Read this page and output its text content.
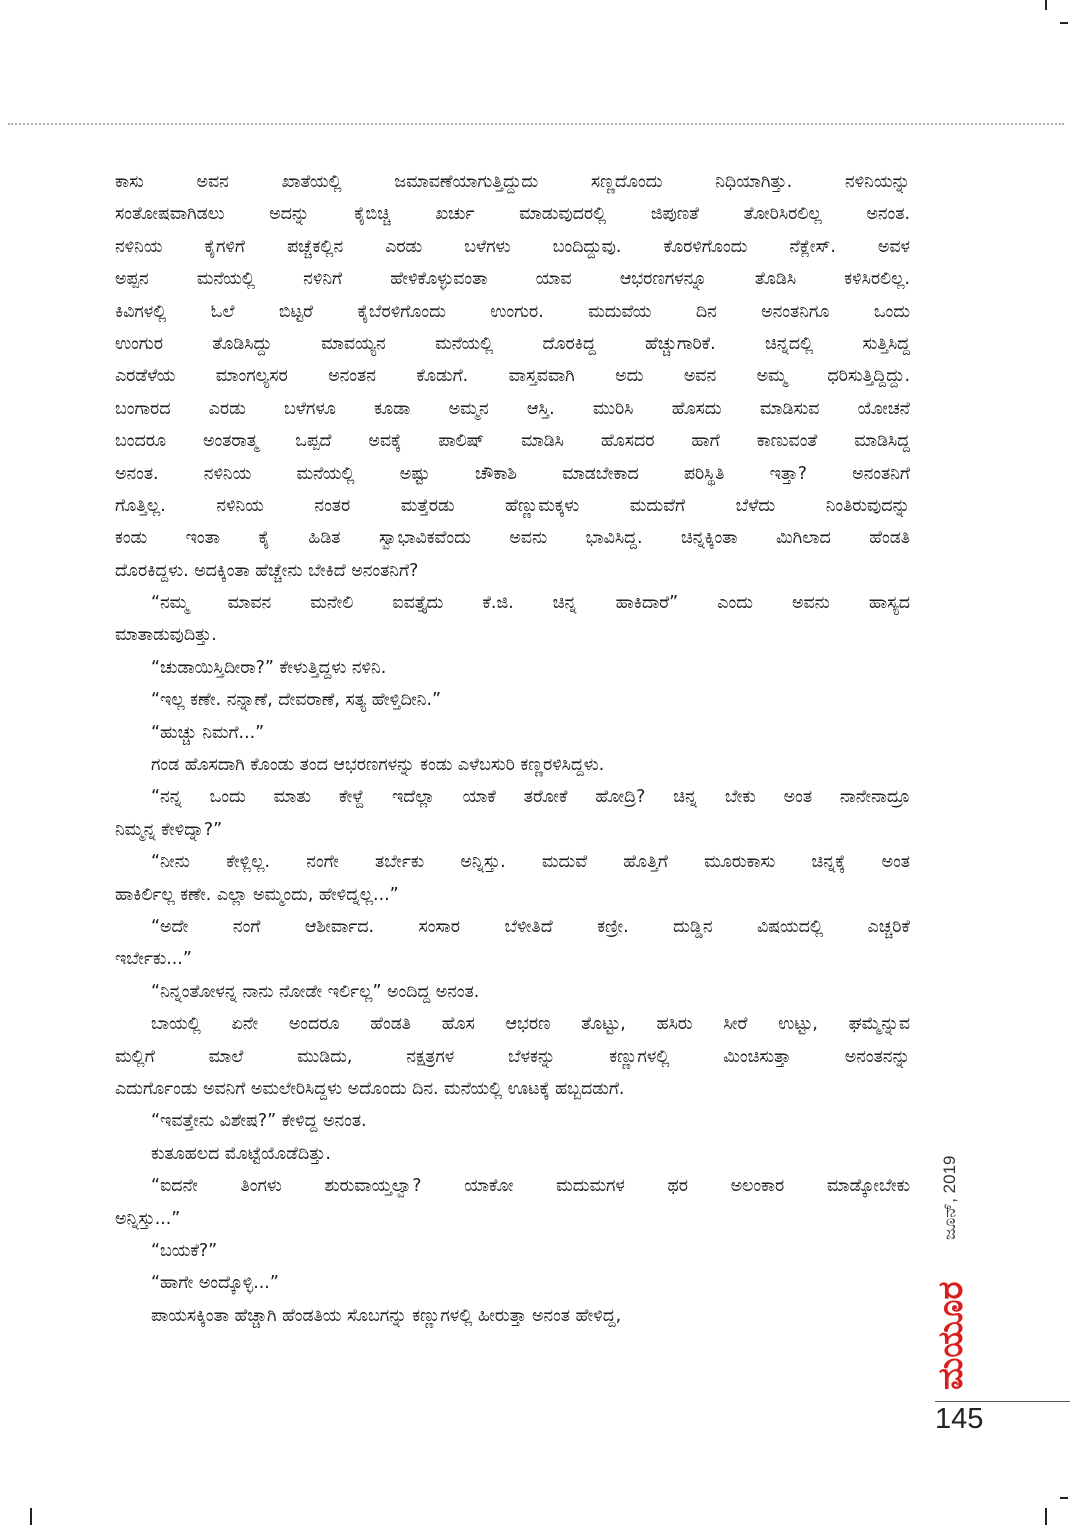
ಕಾಸು ಅವನ ಖಾತೆಯಲ್ಲಿ ಜಮಾವಣೆಯಾಗುತ್ತಿದ್ದುದು ಸಣ್ಣದೊಂದು ನಿಧಿಯಾಗಿತ್ತು. ನಳಿನಿಯನ್ನು
ಸಂತೋಷವಾಗಿಡಲು ಅದನ್ನು ಕೈಬಿಚ್ಚಿ ಖರ್ಚು ಮಾಡುವುದರಲ್ಲಿ ಜಿಪುಣತೆ ತೋರಿಸಿರಲಿಲ್ಲ ಅನಂತ.
ನಳಿನಿಯ ಕೈಗಳಿಗೆ ಪಚ್ಚೆಕಲ್ಲಿನ ಎರಡು ಬಳೆಗಳು ಬಂದಿದ್ದುವು. ಕೊರಳಿಗೊಂದು ನೆಕ್ಲೇಸ್. ಅವಳ
ಅಪ್ಪನ ಮನೆಯಲ್ಲಿ ನಳಿನಿಗೆ ಹೇಳಿಕೊಳ್ಳುವಂತಾ ಯಾವ ಆಭರಣಗಳನ್ನೂ ತೊಡಿಸಿ ಕಳಿಸಿರಲಿಲ್ಲ.
ಕಿವಿಗಳಲ್ಲಿ ಓಲೆ ಬಿಟ್ಟರೆ ಕೈಬೆರಳಿಗೊಂದು ಉಂಗುರ. ಮದುವೆಯ ದಿನ ಅನಂತನಿಗೂ ಒಂದು
ಉಂಗುರ ತೊಡಿಸಿದ್ದು ಮಾವಯ್ಯನ ಮನೆಯಲ್ಲಿ ದೊರಕಿದ್ದ ಹೆಚ್ಚುಗಾರಿಕೆ. ಚಿನ್ನದಲ್ಲಿ ಸುತ್ತಿಸಿದ್ದ
ಎರಡೆಳೆಯ ಮಾಂಗಲ್ಯಸರ ಅನಂತನ ಕೊಡುಗೆ. ವಾಸ್ತವವಾಗಿ ಅದು ಅವನ ಅಮ್ಮ ಧರಿಸುತ್ತಿದ್ದಿದ್ದು.
ಬಂಗಾರದ ಎರಡು ಬಳೆಗಳೂ ಕೂಡಾ ಅಮ್ಮನ ಆಸ್ತಿ. ಮುರಿಸಿ ಹೊಸದು ಮಾಡಿಸುವ ಯೋಚನೆ
ಬಂದರೂ ಅಂತರಾತ್ಮ ಒಪ್ಪದೆ ಅವಕ್ಕೆ ಪಾಲಿಷ್ ಮಾಡಿಸಿ ಹೊಸದರ ಹಾಗೆ ಕಾಣುವಂತೆ ಮಾಡಿಸಿದ್ದ
ಅನಂತ. ನಳಿನಿಯ ಮನೆಯಲ್ಲಿ ಅಷ್ಟು ಚೌಕಾಶಿ ಮಾಡಬೇಕಾದ ಪರಿಸ್ಥಿತಿ ಇತ್ತಾ? ಅನಂತನಿಗೆ
ಗೊತ್ತಿಲ್ಲ. ನಳಿನಿಯ ನಂತರ ಮತ್ತೆರಡು ಹೆಣ್ಣುಮಕ್ಕಳು ಮದುವೆಗೆ ಬೆಳೆದು ನಿಂತಿರುವುದನ್ನು
ಕಂಡು ಇಂತಾ ಕೈ ಹಿಡಿತ ಸ್ವಾಭಾವಿಕವೆಂದು ಅವನು ಭಾವಿಸಿದ್ದ. ಚಿನ್ನಕ್ಕಿಂತಾ ಮಿಗಿಲಾದ ಹೆಂಡತಿ
ದೊರಕಿದ್ದಳು. ಅದಕ್ಕಿಂತಾ ಹೆಚ್ಚೇನು ಬೇಕಿದೆ ಅನಂತನಿಗೆ?
“ನಮ್ಮ ಮಾವನ ಮನೇಲಿ ಐವತ್ತೈದು ಕೆ.ಜಿ. ಚಿನ್ನ ಹಾಕಿದಾರೆ” ಎಂದು ಅವನು ಹಾಸ್ಯದ
ಮಾತಾಡುವುದಿತ್ತು.
“ಚುಡಾಯಿಸ್ತಿದೀರಾ?” ಕೇಳುತ್ತಿದ್ದಳು ನಳಿನಿ.
“ಇಲ್ಲ ಕಣೇ. ನನ್ನಾಣೆ, ದೇವರಾಣೆ, ಸತ್ಯ ಹೇಳ್ತಿದೀನಿ.”
“ಹುಚ್ಚು ನಿಮಗೆ...”
ಗಂಡ ಹೊಸದಾಗಿ ಕೊಂಡು ತಂದ ಆಭರಣಗಳನ್ನು ಕಂಡು ಎಳೆಬಸುರಿ ಕಣ್ಣರಳಿಸಿದ್ದಳು.
“ನನ್ನ ಒಂದು ಮಾತು ಕೇಳ್ದೆ ಇದೆಲ್ಲಾ ಯಾಕೆ ತರೋಕೆ ಹೋದ್ರಿ? ಚಿನ್ನ ಬೇಕು ಅಂತ ನಾನೇನಾದ್ರೂ
ನಿಮ್ಮನ್ನ ಕೇಳಿದ್ನಾ?”
“ನೀನು ಕೇಳ್ಲಿಲ್ಲ. ನಂಗೇ ತರ್ಬೇಕು ಅನ್ನಿಸ್ತು. ಮದುವೆ ಹೊತ್ತಿಗೆ ಮೂರುಕಾಸು ಚಿನ್ನಕ್ಕೆ ಅಂತ
ಹಾಕಿರ್ಲಿಲ್ಲ ಕಣೇ. ಎಲ್ಲಾ ಅಮ್ಮಂದು, ಹೇಳಿದ್ನಲ್ಲ...”
“ಅದೇ ನಂಗೆ ಆಶೀರ್ವಾದ. ಸಂಸಾರ ಬೆಳೀತಿದೆ ಕಣ್ರೀ. ದುಡ್ಡಿನ ವಿಷಯದಲ್ಲಿ ಎಚ್ಚರಿಕೆ
ಇರ್ಬೇಕು...”
“ನಿನ್ನಂತೋಳನ್ನ ನಾನು ನೋಡೇ ಇರ್ಲಿಲ್ಲ” ಅಂದಿದ್ದ ಅನಂತ.
ಬಾಯಲ್ಲಿ ಏನೇ ಅಂದರೂ ಹೆಂಡತಿ ಹೊಸ ಆಭರಣ ತೊಟ್ಟು, ಹಸಿರು ಸೀರೆ ಉಟ್ಟು, ಘಮ್ಮೆನ್ನುವ
ಮಲ್ಲಿಗೆ ಮಾಲೆ ಮುಡಿದು, ನಕ್ಷತ್ರಗಳ ಬೆಳಕನ್ನು ಕಣ್ಣುಗಳಲ್ಲಿ ಮಿಂಚಿಸುತ್ತಾ ಅನಂತನನ್ನು
ಎದುರ್ಗೊಂಡು ಅವನಿಗೆ ಅಮಲೇರಿಸಿದ್ದಳು ಅದೊಂದು ದಿನ. ಮನೆಯಲ್ಲಿ ಊಟಕ್ಕೆ ಹಬ್ಬದಡುಗೆ.
“ಇವತ್ತೇನು ವಿಶೇಷ?” ಕೇಳಿದ್ದ ಅನಂತ.
ಕುತೂಹಲದ ಮೊಟ್ಟೆಯೊಡೆದಿತ್ತು.
“ಐದನೇ ತಿಂಗಳು ಶುರುವಾಯ್ತಲ್ವಾ? ಯಾಕೋ ಮದುಮಗಳ ಥರ ಅಲಂಕಾರ ಮಾಡ್ಕೋಬೇಕು
ಅನ್ನಿಸ್ತು...”
“ಬಯಕೆ?”
“ಹಾಗೇ ಅಂದ್ಕೊಳ್ಳಿ...”
ಪಾಯಸಕ್ಕಿಂತಾ ಹೆಚ್ಚಾಗಿ ಹೆಂಡತಿಯ ಸೊಬಗನ್ನು ಕಣ್ಣುಗಳಲ್ಲಿ ಹೀರುತ್ತಾ ಅನಂತ ಹೇಳಿದ್ದ,
ಜೂನ್, 2019
ಮಯೂರ
145
